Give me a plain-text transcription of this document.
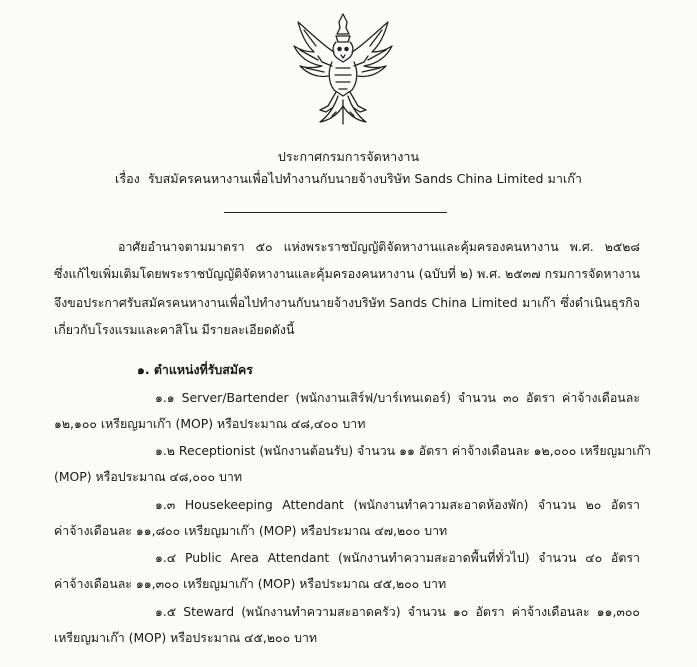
ประกาศกรมการจัดหางาน
เรื่อง รับสมัครคนหางานเพื่อไปทำงานกับนายจ้างบริษัท Sands China Limited มาเก๊า
อาศัยอำนาจตามมาตรา ๕๐ แห่งพระราชบัญญัติจัดหางานและคุ้มครองคนหางาน พ.ศ. ๒๕๒๘
ซึ่งแก้ไขเพิ่มเติมโดยพระราชบัญญัติจัดหางานและคุ้มครองคนหางาน (ฉบับที่ ๒) พ.ศ. ๒๕๓๗ กรมการจัดหางาน
จึงขอประกาศรับสมัครคนหางานเพื่อไปทำงานกับนายจ้างบริษัท Sands China Limited มาเก๊า ซึ่งดำเนินธุรกิจ
เกี่ยวกับโรงแรมและคาสิโน มีรายละเอียดดังนี้
๑. ตำแหน่งที่รับสมัคร
๑.๑ Server/Bartender (พนักงานเสิร์ฟ/บาร์เทนเดอร์) จำนวน ๓๐ อัตรา ค่าจ้างเดือนละ
๑๒,๑๐๐ เหรียญมาเก๊า (MOP) หรือประมาณ ๔๘,๔๐๐ บาท
๑.๒ Receptionist (พนักงานต้อนรับ) จำนวน ๑๑ อัตรา ค่าจ้างเดือนละ ๑๒,๐๐๐ เหรียญมาเก๊า
(MOP) หรือประมาณ ๔๘,๐๐๐ บาท
๑.๓ Housekeeping Attendant (พนักงานทำความสะอาดห้องพัก) จำนวน ๒๐ อัตรา
ค่าจ้างเดือนละ ๑๑,๘๐๐ เหรียญมาเก๊า (MOP) หรือประมาณ ๔๗,๒๐๐ บาท
๑.๔ Public Area Attendant (พนักงานทำความสะอาดพื้นที่ทั่วไป) จำนวน ๔๐ อัตรา
ค่าจ้างเดือนละ ๑๑,๓๐๐ เหรียญมาเก๊า (MOP) หรือประมาณ ๔๕,๒๐๐ บาท
๑.๕ Steward (พนักงานทำความสะอาดครัว) จำนวน ๑๐ อัตรา ค่าจ้างเดือนละ ๑๑,๓๐๐
เหรียญมาเก๊า (MOP) หรือประมาณ ๔๕,๒๐๐ บาท
